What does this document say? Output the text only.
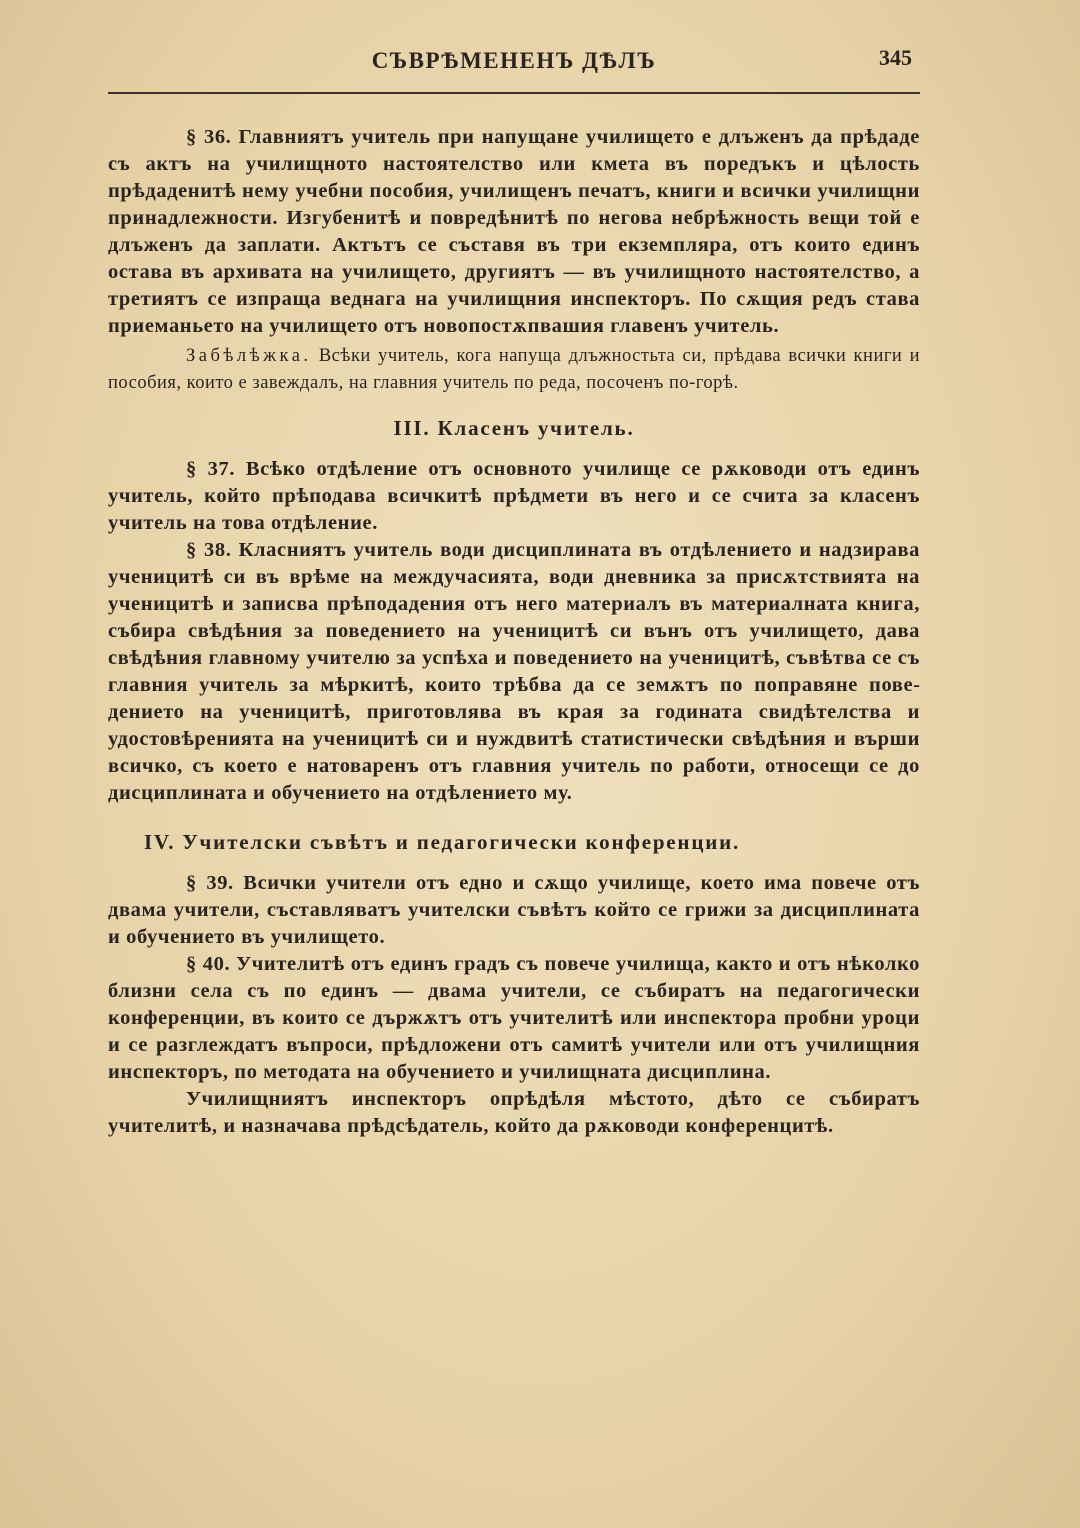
СЪВРѢМЕНЕНЪ ДѢЛЪ	345

§ 36. Главниятъ учитель при напущане училището е длъженъ да прѣдаде съ актъ на училищното настоятелство или кмета въ поредъкъ и цѣлость прѣдаденитѣ нему учебни пособия, училищенъ печатъ, книги и всички училищни принадлежности. Изгубенитѣ и повредѣнитѣ по негова небрѣжность вещи той е длъженъ да заплати. Актътъ се съставя въ три екземпляра, отъ които единъ остава въ архивата на училището, другиятъ — въ училищното настоятелство, а третиятъ се изпраща веднага на училищния инспекторъ. По сѫщия редъ става приеманьето на училището отъ новопостѫпвашия главенъ учитель.

Забѣлѣжка. Всѣки учитель, кога напуща длъжностьта си, прѣдава всички книги и пособия, които е завеждалъ, на главния учитель по реда, посоченъ по-горѣ.

III. Класенъ учитель.

§ 37. Всѣко отдѣление отъ основното училище се рѫководи отъ единъ учитель, който прѣподава всичкитѣ прѣдмети въ него и се счита за класенъ учитель на това отдѣление.

§ 38. Класниятъ учитель води дисциплината въ отдѣлението и надзирава ученицитѣ си въ врѣме на междучасията, води дневника за присѫтствията на ученицитѣ и записва прѣподадения отъ него материалъ въ материалната книга, събира свѣдѣния за поведението на ученицитѣ си вънъ отъ училището, дава свѣдѣния главному учителю за успѣха и поведението на ученицитѣ, съвѣтва се съ главния учитель за мѣркитѣ, които трѣбва да се земѫтъ по поправяне поведението на ученицитѣ, приготовлява въ края за годината свидѣтелства и удостовѣренията на ученицитѣ си и нуждвитѣ статистически свѣдѣния и върши всичко, съ което е натоваренъ отъ главния учитель по работи, относещи се до дисциплината и обучението на отдѣлението му.

IV. Учителски съвѣтъ и педагогически конференции.

§ 39. Всички учители отъ едно и сѫщо училище, което има повече отъ двама учители, съставляватъ учителски съвѣтъ който се грижи за дисциплината и обучението въ училището.

§ 40. Учителитѣ отъ единъ градъ съ повече училища, както и отъ нѣколко близни села съ по единъ — двама учители, се събиратъ на педагогически конференции, въ които се държѫтъ отъ учителитѣ или инспектора пробни уроци и се разглеждатъ въпроси, прѣдложени отъ самитѣ учители или отъ училищния инспекторъ, по методата на обучението и училищната дисциплина.

Училищниятъ инспекторъ опрѣдѣля мѣстото, дѣто се събиратъ учителитѣ, и назначава прѣдсѣдатель, който да рѫководи конференцитѣ.
